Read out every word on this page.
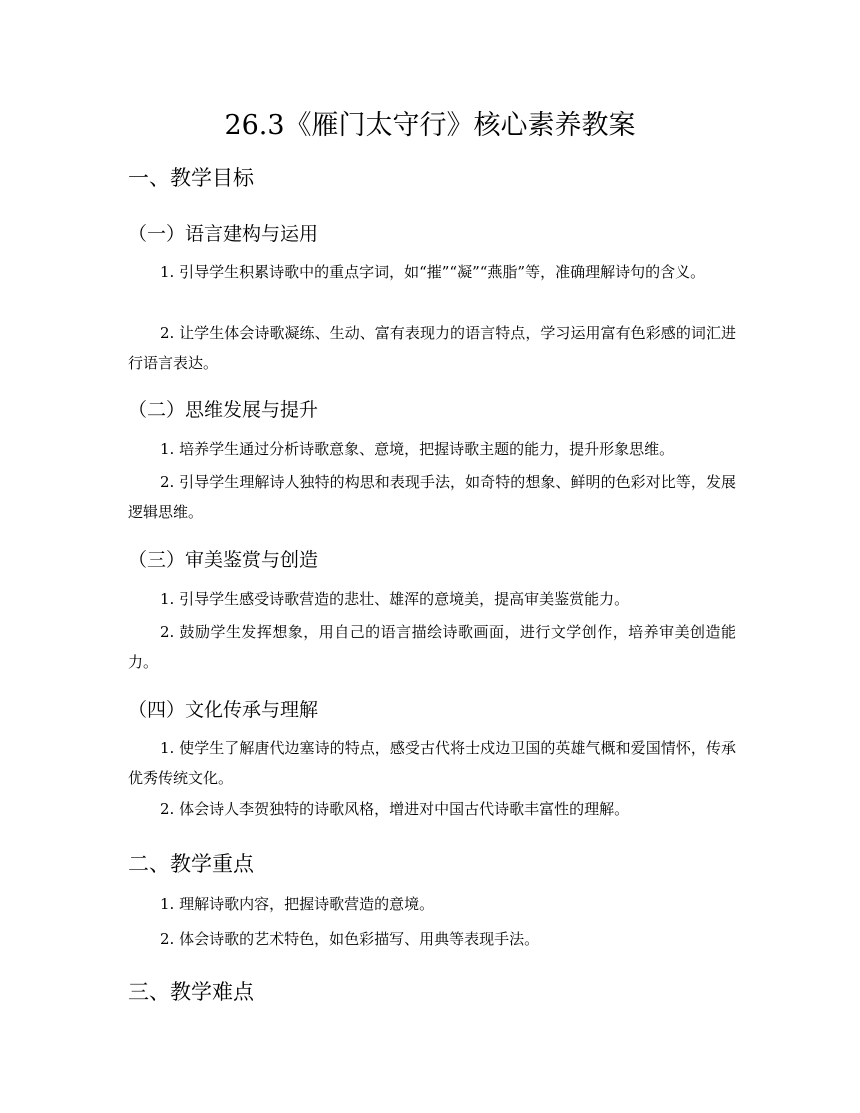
26.3《雁门太守行》核心素养教案
一、教学目标
（一）语言建构与运用
1. 引导学生积累诗歌中的重点字词，如“摧”“凝”“燕脂”等，准确理解诗句的含义。
2. 让学生体会诗歌凝练、生动、富有表现力的语言特点，学习运用富有色彩感的词汇进行语言表达。
（二）思维发展与提升
1. 培养学生通过分析诗歌意象、意境，把握诗歌主题的能力，提升形象思维。
2. 引导学生理解诗人独特的构思和表现手法，如奇特的想象、鲜明的色彩对比等，发展逻辑思维。
（三）审美鉴赏与创造
1. 引导学生感受诗歌营造的悲壮、雄浑的意境美，提高审美鉴赏能力。
2. 鼓励学生发挥想象，用自己的语言描绘诗歌画面，进行文学创作，培养审美创造能力。
（四）文化传承与理解
1. 使学生了解唐代边塞诗的特点，感受古代将士戍边卫国的英雄气概和爱国情怀，传承优秀传统文化。
2. 体会诗人李贺独特的诗歌风格，增进对中国古代诗歌丰富性的理解。
二、教学重点
1. 理解诗歌内容，把握诗歌营造的意境。
2. 体会诗歌的艺术特色，如色彩描写、用典等表现手法。
三、教学难点
